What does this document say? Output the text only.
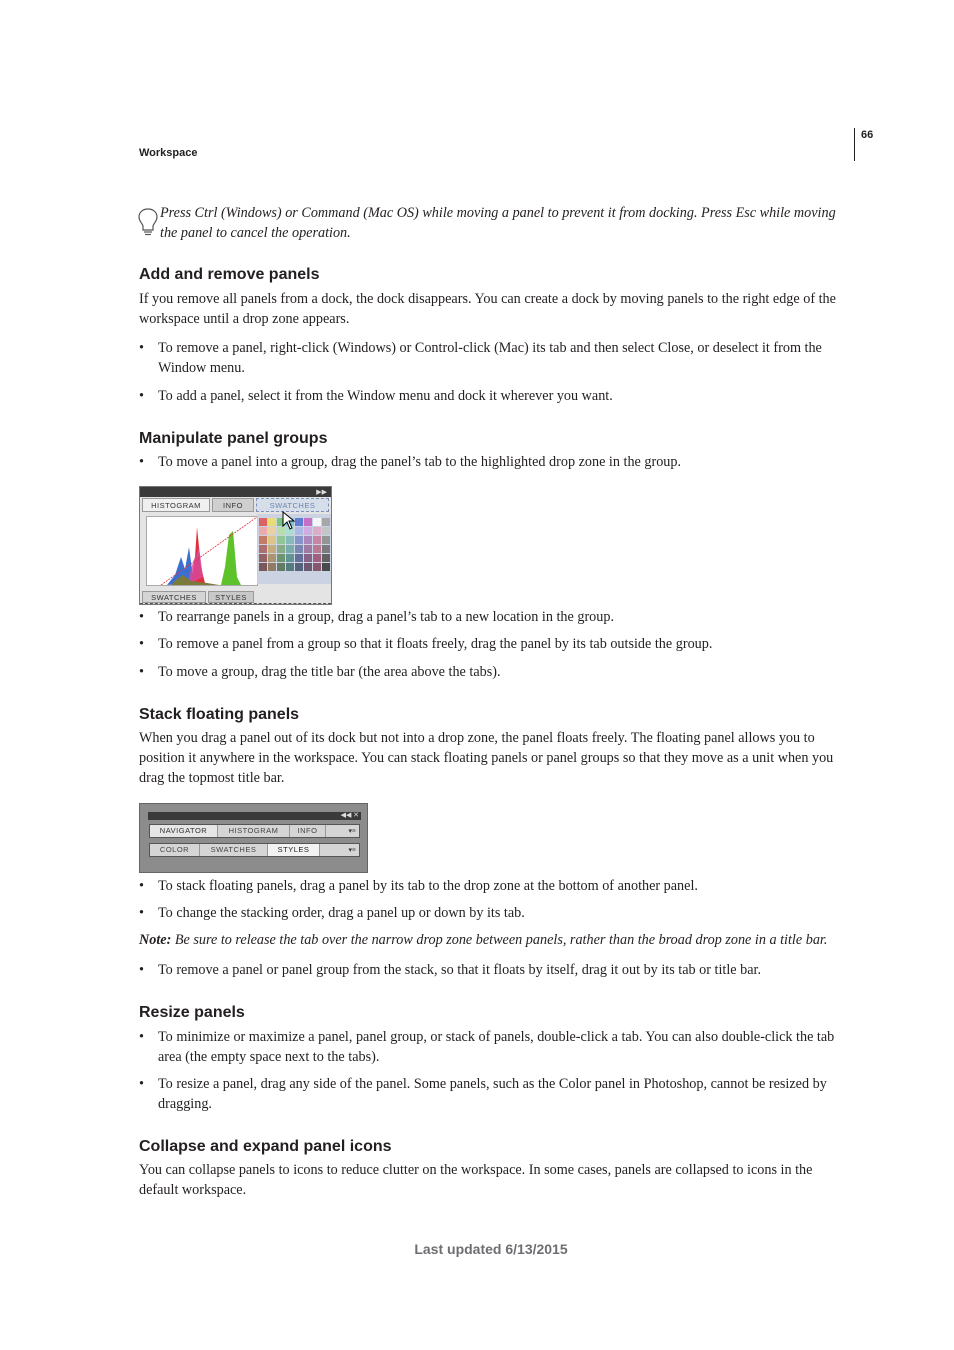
Workspace
66
Press Ctrl (Windows) or Command (Mac OS) while moving a panel to prevent it from docking. Press Esc while moving the panel to cancel the operation.
Add and remove panels
If you remove all panels from a dock, the dock disappears. You can create a dock by moving panels to the right edge of the workspace until a drop zone appears.
• To remove a panel, right-click (Windows) or Control-click (Mac) its tab and then select Close, or deselect it from the Window menu.
• To add a panel, select it from the Window menu and dock it wherever you want.
Manipulate panel groups
• To move a panel into a group, drag the panel’s tab to the highlighted drop zone in the group.
▶▶
HISTOGRAM	INFO	SWATCHES
SWATCHES	STYLES
• To rearrange panels in a group, drag a panel’s tab to a new location in the group.
• To remove a panel from a group so that it floats freely, drag the panel by its tab outside the group.
• To move a group, drag the title bar (the area above the tabs).
Stack floating panels
When you drag a panel out of its dock but not into a drop zone, the panel floats freely. The floating panel allows you to position it anywhere in the workspace. You can stack floating panels or panel groups so that they move as a unit when you drag the topmost title bar.
◀◀ ✕
NAVIGATOR	HISTOGRAM	INFO	▾≡
COLOR	SWATCHES	STYLES	▾≡
• To stack floating panels, drag a panel by its tab to the drop zone at the bottom of another panel.
• To change the stacking order, drag a panel up or down by its tab.
Note: Be sure to release the tab over the narrow drop zone between panels, rather than the broad drop zone in a title bar.
• To remove a panel or panel group from the stack, so that it floats by itself, drag it out by its tab or title bar.
Resize panels
• To minimize or maximize a panel, panel group, or stack of panels, double-click a tab. You can also double-click the tab area (the empty space next to the tabs).
• To resize a panel, drag any side of the panel. Some panels, such as the Color panel in Photoshop, cannot be resized by dragging.
Collapse and expand panel icons
You can collapse panels to icons to reduce clutter on the workspace. In some cases, panels are collapsed to icons in the default workspace.
Last updated 6/13/2015
